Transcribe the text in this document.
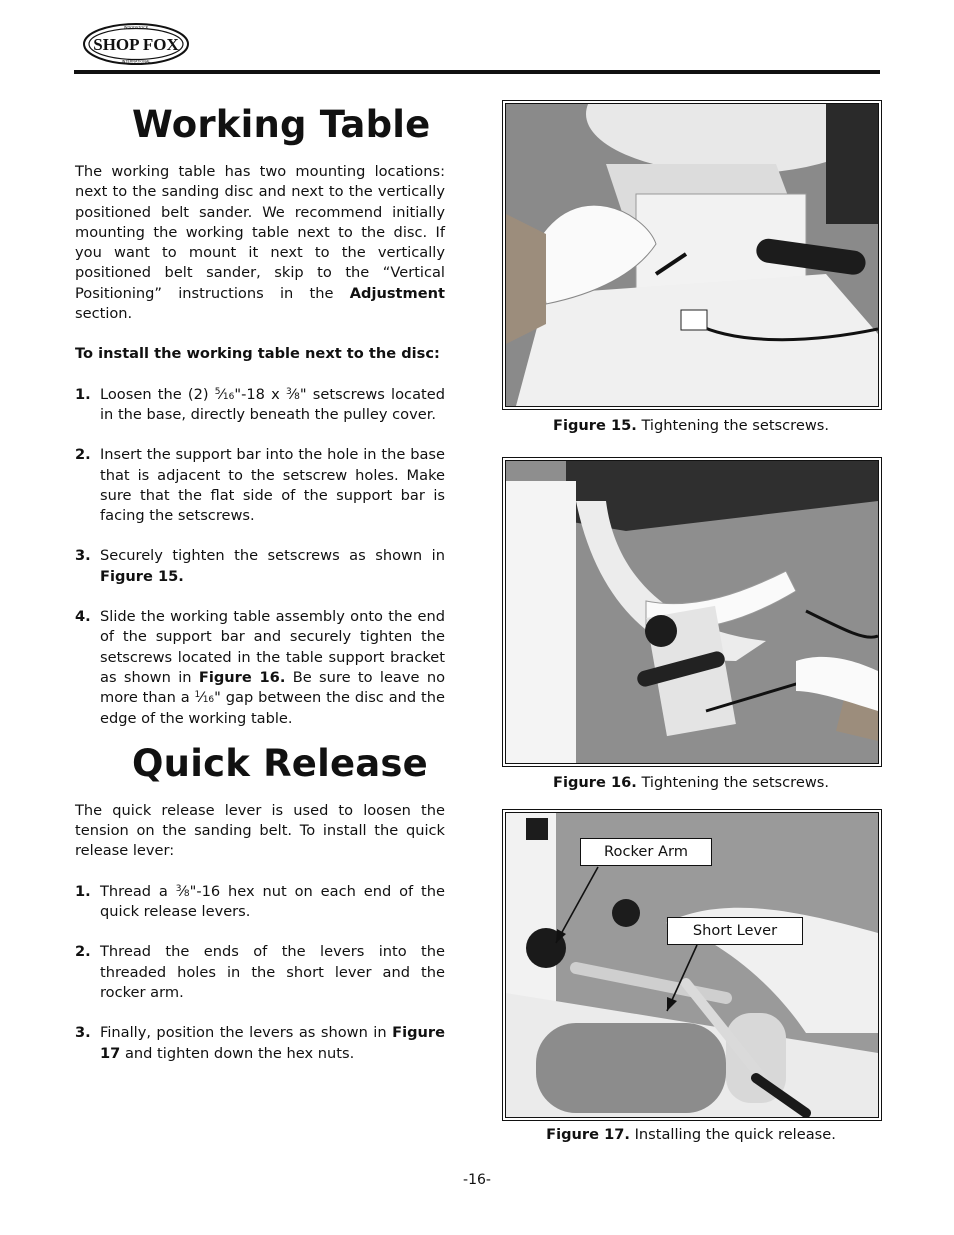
SHOP FOX
WOODSTOCK
INTERNATIONAL
Working Table

The working table has two mounting locations: next to the sanding disc and next to the vertically positioned belt sander. We recommend initially mounting the working table next to the disc. If you want to mount it next to the vertically positioned belt sander, skip to the “Vertical Positioning” instructions in the Adjustment section.

To install the working table next to the disc:

1. Loosen the (2) $^5$⁄16"-18 x $^3$⁄8" setscrews located in the base, directly beneath the pulley cover.
2. Insert the support bar into the hole in the base that is adjacent to the setscrew holes. Make sure that the flat side of the support bar is facing the setscrews.
3. Securely tighten the setscrews as shown in Figure 15.
4. Slide the working table assembly onto the end of the support bar and securely tighten the setscrews located in the table support bracket as shown in Figure 16. Be sure to leave no more than a $^1$⁄16" gap between the disc and the edge of the working table.
Quick Release

The quick release lever is used to loosen the tension on the sanding belt. To install the quick release lever:

1. Thread a $^3$⁄8"-16 hex nut on each end of the quick release levers.
2. Thread the ends of the levers into the threaded holes in the short lever and the rocker arm.
3. Finally, position the levers as shown in Figure 17 and tighten down the hex nuts.
Figure 15. Tightening the setscrews.
Figure 16. Tightening the setscrews.
Rocker Arm
Short Lever
Figure 17. Installing the quick release.
-16-
